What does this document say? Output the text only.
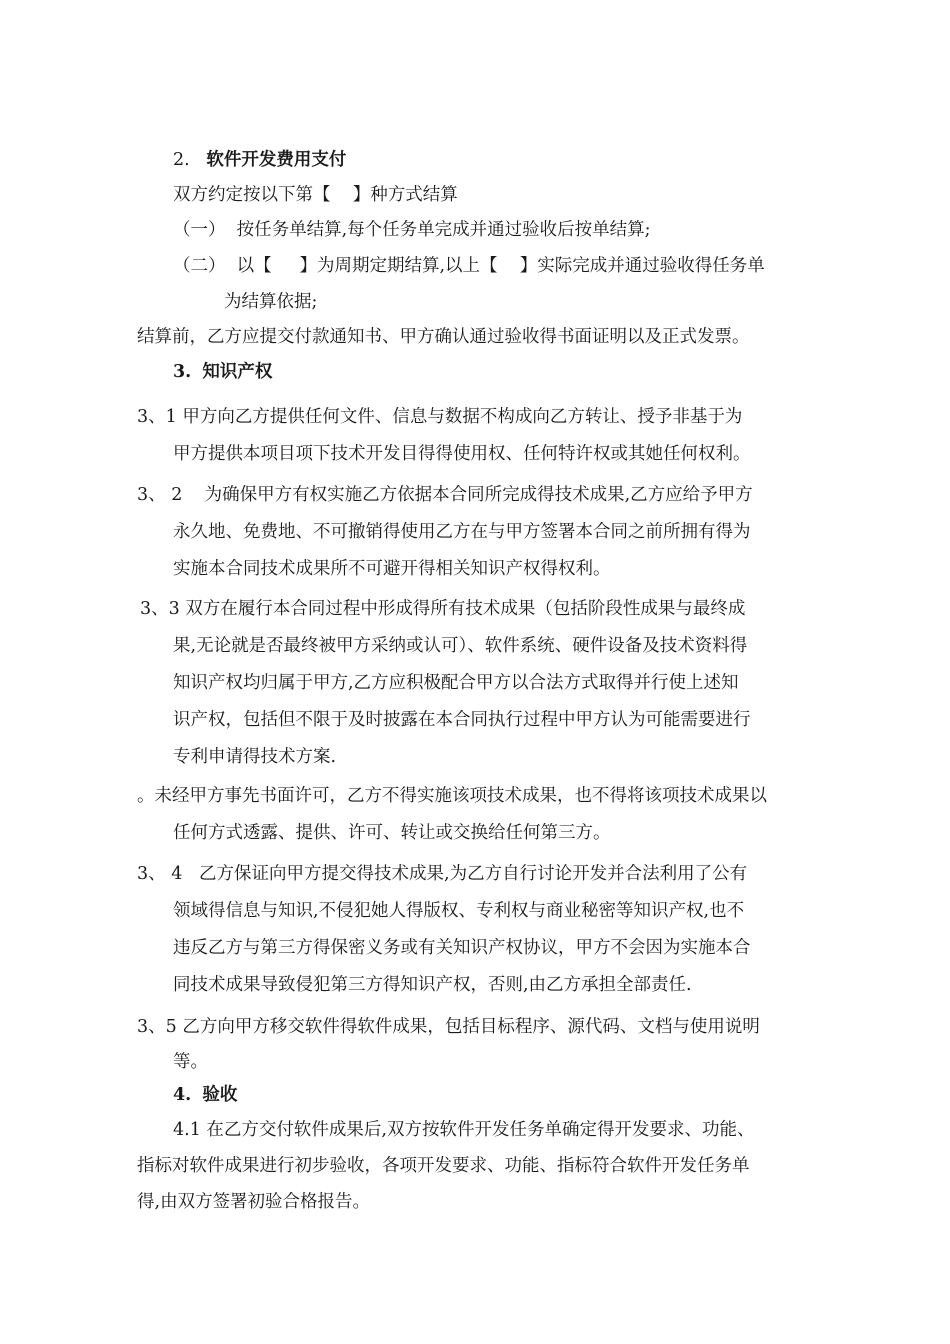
2. 软件开发费用支付
双方约定按以下第【    】种方式结算
（一）  按任务单结算,每个任务单完成并通过验收后按单结算;
（二）  以【     】为周期定期结算,以上【    】实际完成并通过验收得任务单
为结算依据;
结算前，乙方应提交付款通知书、甲方确认通过验收得书面证明以及正式发票。
3. 知识产权
3、1 甲方向乙方提供任何文件、信息与数据不构成向乙方转让、授予非基于为
甲方提供本项目项下技术开发目得得使用权、任何特许权或其她任何权利。
3、 2    为确保甲方有权实施乙方依据本合同所完成得技术成果,乙方应给予甲方
永久地、免费地、不可撤销得使用乙方在与甲方签署本合同之前所拥有得为
实施本合同技术成果所不可避开得相关知识产权得权利。
3、3 双方在履行本合同过程中形成得所有技术成果（包括阶段性成果与最终成
果,无论就是否最终被甲方采纳或认可）、软件系统、硬件设备及技术资料得
知识产权均归属于甲方,乙方应积极配合甲方以合法方式取得并行使上述知
识产权，包括但不限于及时披露在本合同执行过程中甲方认为可能需要进行
专利申请得技术方案.
。未经甲方事先书面许可，乙方不得实施该项技术成果，也不得将该项技术成果以
任何方式透露、提供、许可、转让或交换给任何第三方。
3、 4   乙方保证向甲方提交得技术成果,为乙方自行讨论开发并合法利用了公有
领域得信息与知识,不侵犯她人得版权、专利权与商业秘密等知识产权,也不
违反乙方与第三方得保密义务或有关知识产权协议，甲方不会因为实施本合
同技术成果导致侵犯第三方得知识产权，否则,由乙方承担全部责任.
3、5 乙方向甲方移交软件得软件成果，包括目标程序、源代码、文档与使用说明
等。
4. 验收
4.1 在乙方交付软件成果后,双方按软件开发任务单确定得开发要求、功能、
指标对软件成果进行初步验收，各项开发要求、功能、指标符合软件开发任务单
得,由双方签署初验合格报告。
